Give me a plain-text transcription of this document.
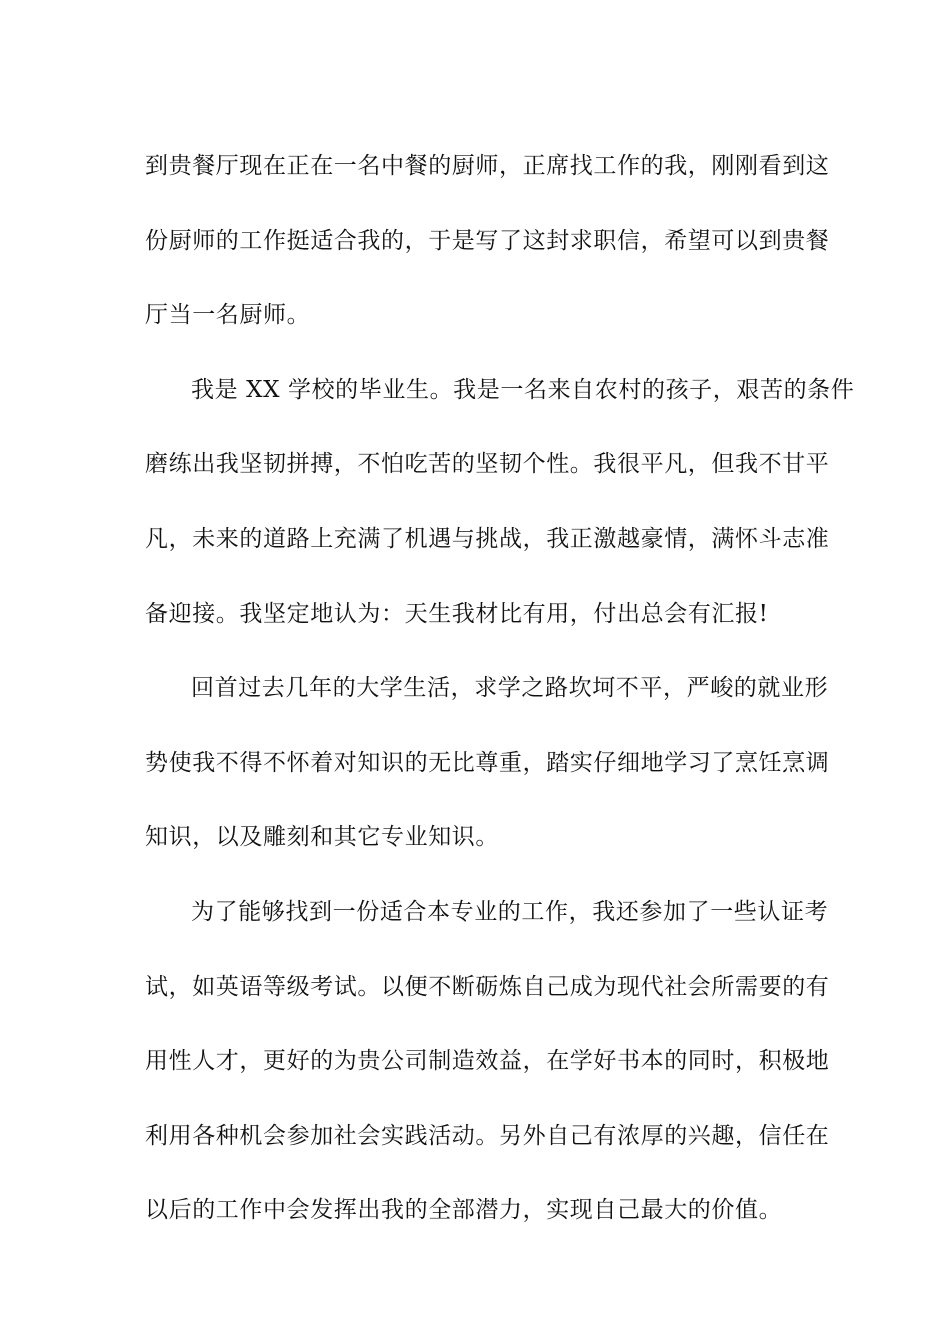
到贵餐厅现在正在一名中餐的厨师，正席找工作的我，刚刚看到这
份厨师的工作挺适合我的，于是写了这封求职信，希望可以到贵餐
厅当一名厨师。
我是 XX 学校的毕业生。我是一名来自农村的孩子，艰苦的条件
磨练出我坚韧拼搏，不怕吃苦的坚韧个性。我很平凡，但我不甘平
凡，未来的道路上充满了机遇与挑战，我正激越豪情，满怀斗志准
备迎接。我坚定地认为：天生我材比有用，付出总会有汇报!
回首过去几年的大学生活，求学之路坎坷不平，严峻的就业形
势使我不得不怀着对知识的无比尊重，踏实仔细地学习了烹饪烹调
知识，以及雕刻和其它专业知识。
为了能够找到一份适合本专业的工作，我还参加了一些认证考
试，如英语等级考试。以便不断砺炼自己成为现代社会所需要的有
用性人才，更好的为贵公司制造效益，在学好书本的同时，积极地
利用各种机会参加社会实践活动。另外自己有浓厚的兴趣，信任在
以后的工作中会发挥出我的全部潜力，实现自己最大的价值。
